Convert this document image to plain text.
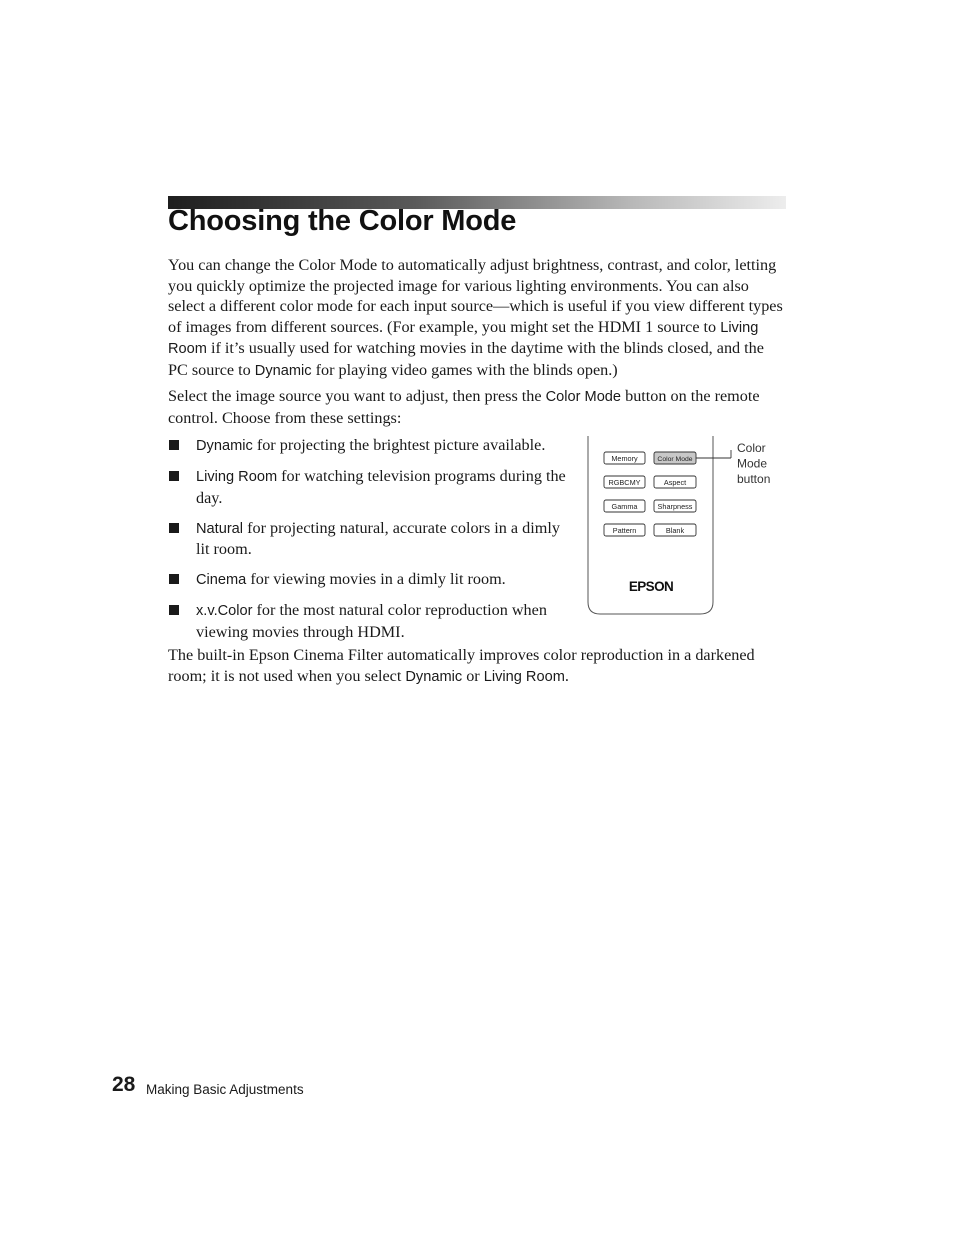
Choosing the Color Mode

You can change the Color Mode to automatically adjust brightness, contrast, and color, letting you quickly optimize the projected image for various lighting environments. You can also select a different color mode for each input source—which is useful if you view different types of images from different sources. (For example, you might set the HDMI 1 source to Living Room if it’s usually used for watching movies in the daytime with the blinds closed, and the PC source to Dynamic for playing video games with the blinds open.)

Select the image source you want to adjust, then press the Color Mode button on the remote control. Choose from these settings:

Dynamic for projecting the brightest picture available.
Living Room for watching television programs during the day.
Natural for projecting natural, accurate colors in a dimly lit room.
Cinema for viewing movies in a dimly lit room.
x.v.Color for the most natural color reproduction when viewing movies through HDMI.
Memory	Color Mode
RGBCMY	Aspect
Gamma	Sharpness
Pattern	Blank
EPSON
Color
Mode
button

The built-in Epson Cinema Filter automatically improves color reproduction in a darkened room; it is not used when you select Dynamic or Living Room.

28 Making Basic Adjustments
